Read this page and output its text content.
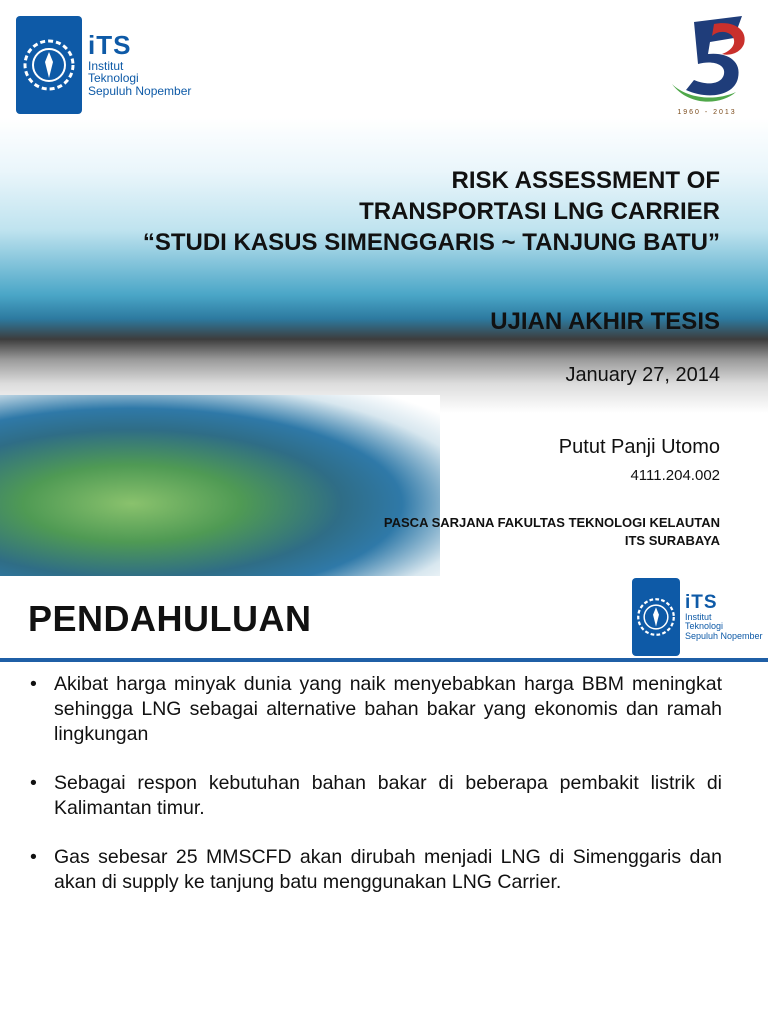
iTS
Institut
Teknologi
Sepuluh Nopember
1960 - 2013
RISK ASSESSMENT OF
TRANSPORTASI LNG CARRIER
“STUDI KASUS SIMENGGARIS ~ TANJUNG BATU”
UJIAN AKHIR TESIS
January 27, 2014
Putut Panji Utomo
4111.204.002
PASCA SARJANA FAKULTAS TEKNOLOGI KELAUTAN
ITS SURABAYA
PENDAHULUAN	iTS
Institut
Teknologi
Sepuluh Nopember
• Akibat harga minyak dunia yang naik menyebabkan harga BBM meningkat sehingga LNG sebagai alternative bahan bakar yang ekonomis dan ramah lingkungan
• Sebagai respon kebutuhan bahan bakar di beberapa pembakit listrik di Kalimantan timur.
• Gas sebesar 25 MMSCFD akan dirubah menjadi LNG di Simenggaris dan akan di supply ke tanjung batu menggunakan LNG Carrier.
